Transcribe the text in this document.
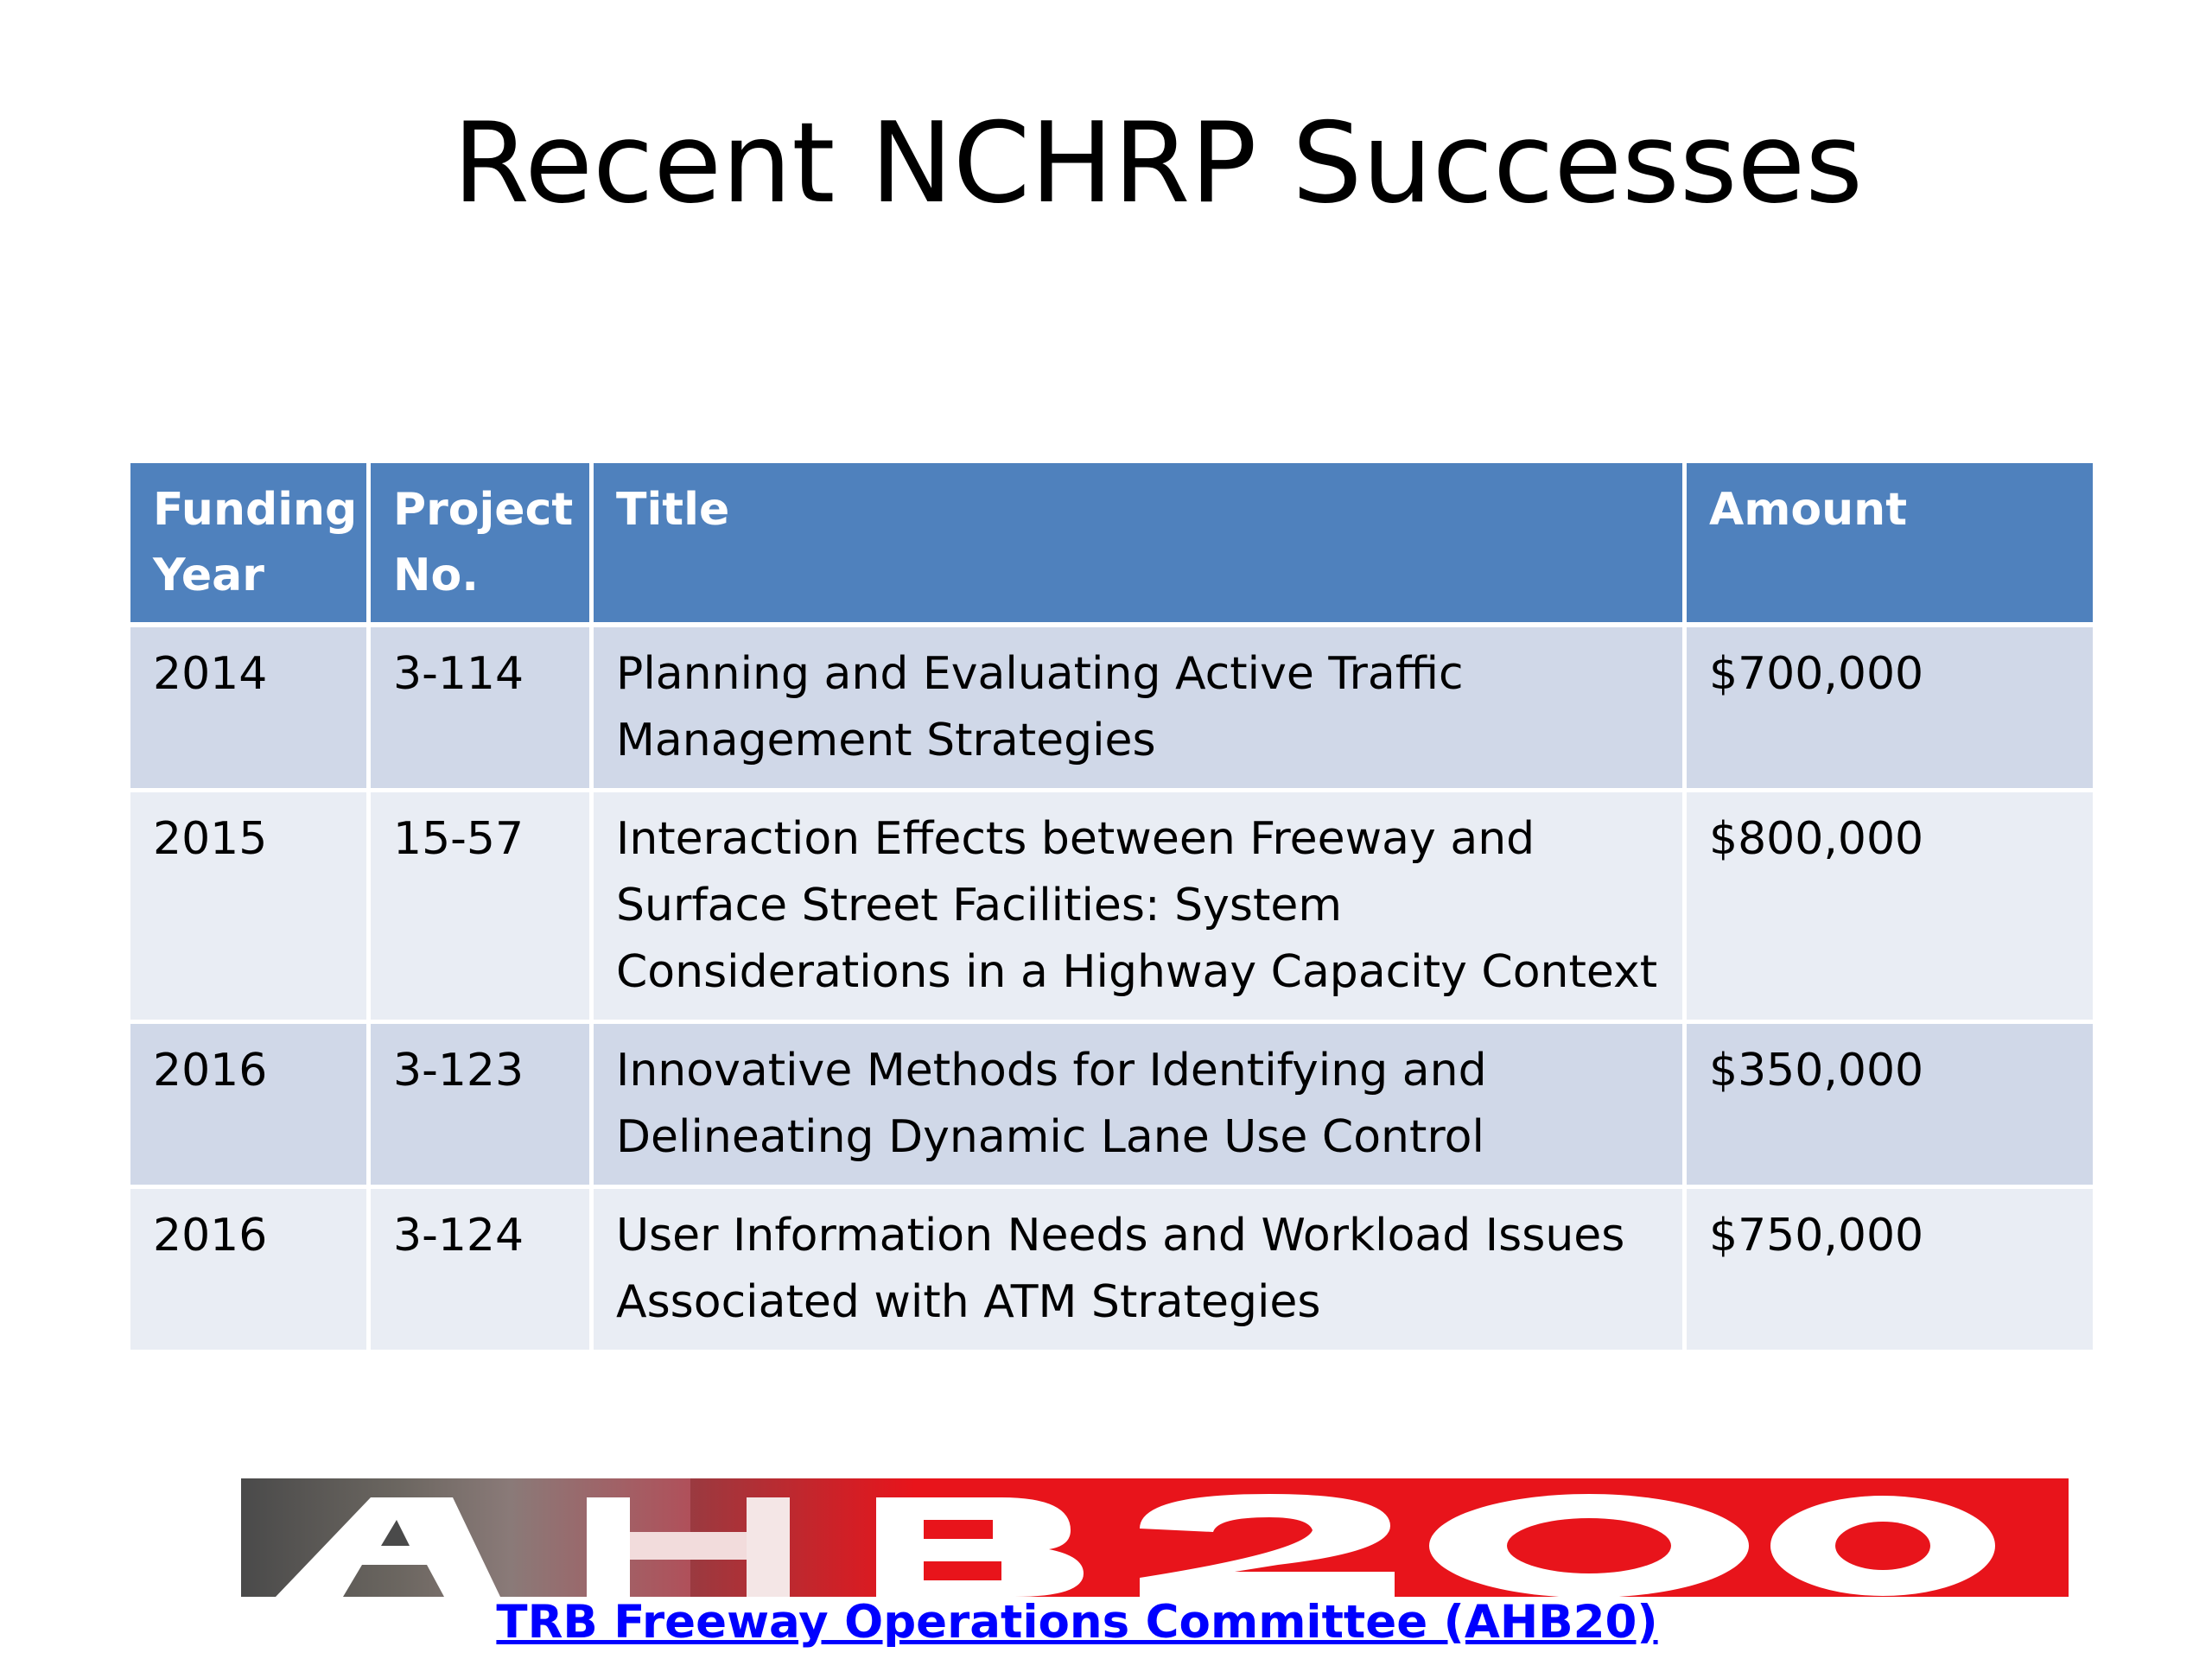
Recent NCHRP Successes
Funding Year	Project No.	Title	Amount
2014	3-114	Planning and Evaluating Active Traffic Management Strategies	$700,000
2015	15-57	Interaction Effects between Freeway and Surface Street Facilities: System Considerations in a Highway Capacity Context	$800,000
2016	3-123	Innovative Methods for Identifying and Delineating Dynamic Lane Use Control	$350,000
2016	3-124	User Information Needs and Workload Issues Associated with ATM Strategies	$750,000
TRB Freeway Operations Committee (AHB20)
